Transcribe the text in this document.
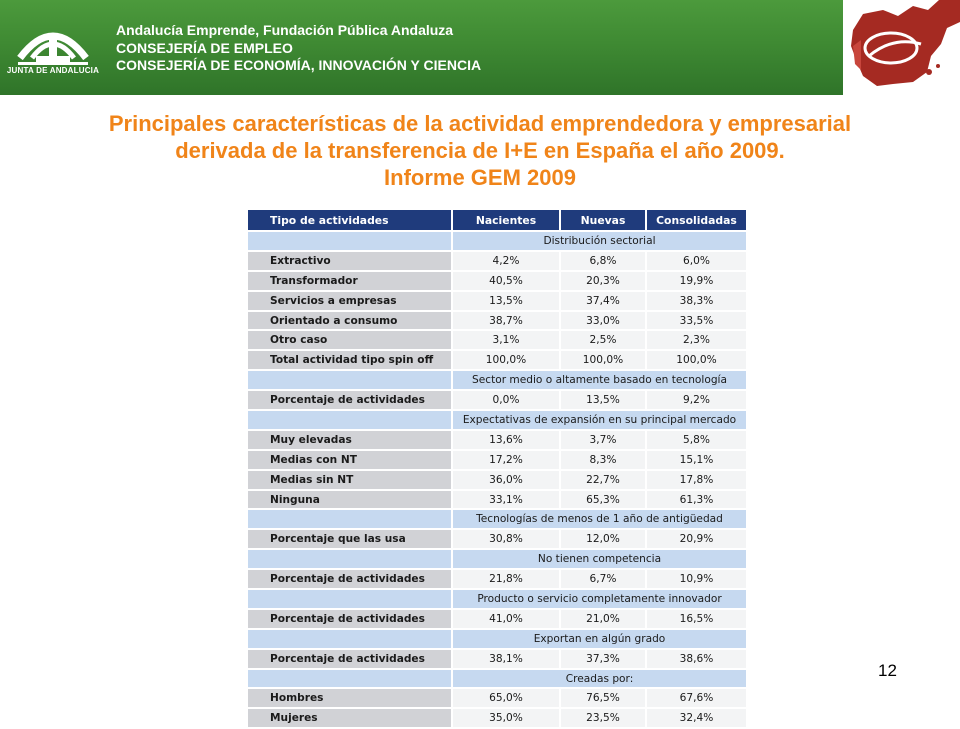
JUNTA DE ANDALUCIA
Andalucía Emprende, Fundación Pública Andaluza
CONSEJERÍA DE EMPLEO
CONSEJERÍA DE ECONOMÍA, INNOVACIÓN Y CIENCIA
Principales características de la actividad emprendedora y empresarial
derivada de la transferencia de I+E en España el año 2009.
Informe GEM 2009
Tipo de actividades	Nacientes	Nuevas	Consolidadas
	Distribución sectorial		
Extractivo	4,2%	6,8%	6,0%
Transformador	40,5%	20,3%	19,9%
Servicios a empresas	13,5%	37,4%	38,3%
Orientado a consumo	38,7%	33,0%	33,5%
Otro caso	3,1%	2,5%	2,3%
Total actividad tipo spin off	100,0%	100,0%	100,0%
	Sector medio o altamente basado en tecnología		
Porcentaje de actividades	0,0%	13,5%	9,2%
	Expectativas de expansión en su principal mercado		
Muy elevadas	13,6%	3,7%	5,8%
Medias con NT	17,2%	8,3%	15,1%
Medias sin NT	36,0%	22,7%	17,8%
Ninguna	33,1%	65,3%	61,3%
	Tecnologías de menos de 1 año de antigüedad		
Porcentaje que las usa	30,8%	12,0%	20,9%
	No tienen competencia		
Porcentaje de actividades	21,8%	6,7%	10,9%
	Producto o servicio completamente innovador		
Porcentaje de actividades	41,0%	21,0%	16,5%
	Exportan en algún grado		
Porcentaje de actividades	38,1%	37,3%	38,6%
	Creadas por:		
Hombres	65,0%	76,5%	67,6%
Mujeres	35,0%	23,5%	32,4%
12
